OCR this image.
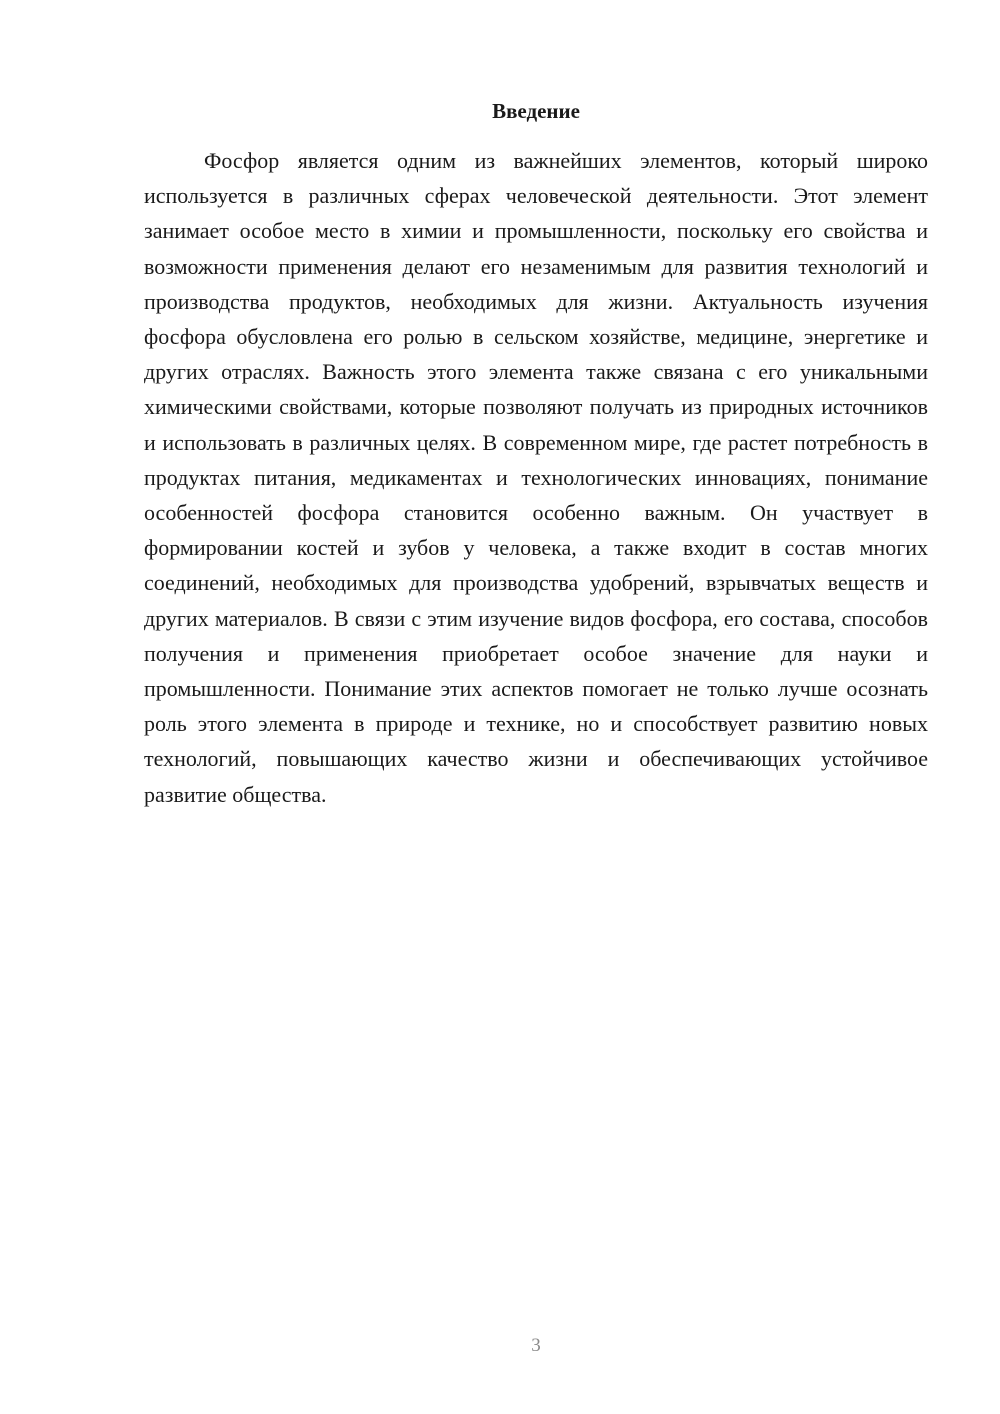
Введение

Фосфор является одним из важнейших элементов, который широко используется в различных сферах человеческой деятельности. Этот элемент занимает особое место в химии и промышленности, поскольку его свойства и возможности применения делают его незаменимым для развития технологий и производства продуктов, необходимых для жизни. Актуальность изучения фосфора обусловлена его ролью в сельском хозяйстве, медицине, энергетике и других отраслях. Важность этого элемента также связана с его уникальными химическими свойствами, которые позволяют получать из природных источников и использовать в различных целях. В современном мире, где растет потребность в продуктах питания, медикаментах и технологических инновациях, понимание особенностей фосфора становится особенно важным. Он участвует в формировании костей и зубов у человека, а также входит в состав многих соединений, необходимых для производства удобрений, взрывчатых веществ и других материалов. В связи с этим изучение видов фосфора, его состава, способов получения и применения приобретает особое значение для науки и промышленности. Понимание этих аспектов помогает не только лучше осознать роль этого элемента в природе и технике, но и способствует развитию новых технологий, повышающих качество жизни и обеспечивающих устойчивое развитие общества.

3
